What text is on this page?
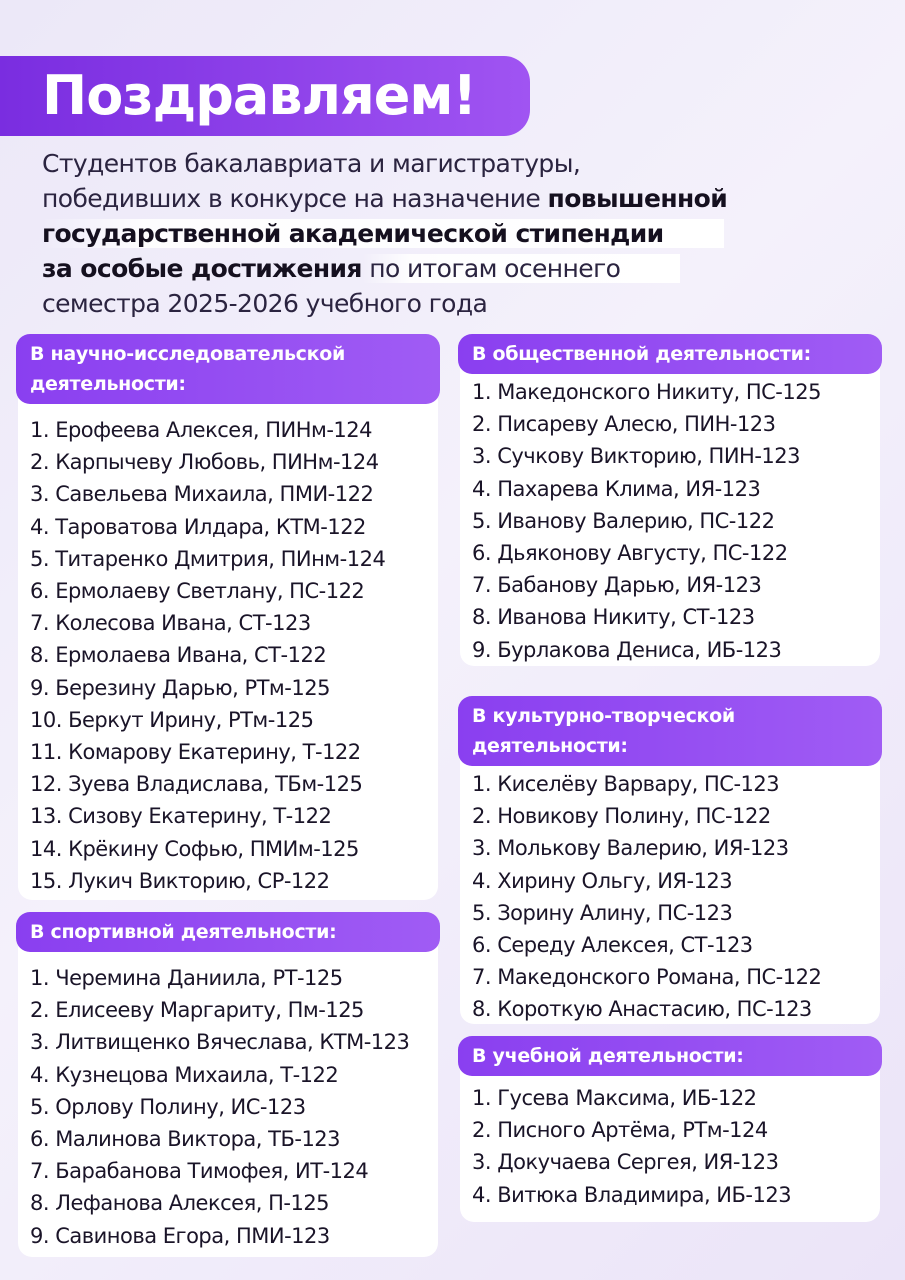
Поздравляем!
Студентов бакалавриата и магистратуры,
победивших в конкурсе на назначение повышенной
государственной академической стипендии
за особые достижения по итогам осеннего
семестра 2025-2026 учебного года
В научно-исследовательской деятельности:
1. Ерофеева Алексея, ПИНм-124
2. Карпычеву Любовь, ПИНм-124
3. Савельева Михаила, ПМИ-122
4. Тароватова Илдара, КТМ-122
5. Титаренко Дмитрия, ПИнм-124
6. Ермолаеву Светлану, ПС-122
7. Колесова Ивана, СТ-123
8. Ермолаева Ивана, СТ-122
9. Березину Дарью, РТм-125
10. Беркут Ирину, РТм-125
11. Комарову Екатерину, Т-122
12. Зуева Владислава, ТБм-125
13. Сизову Екатерину, Т-122
14. Крёкину Софью, ПМИм-125
15. Лукич Викторию, СР-122
В спортивной деятельности:
1. Черемина Даниила, РТ-125
2. Елисееву Маргариту, Пм-125
3. Литвищенко Вячеслава, КТМ-123
4. Кузнецова Михаила, Т-122
5. Орлову Полину, ИС-123
6. Малинова Виктора, ТБ-123
7. Барабанова Тимофея, ИТ-124
8. Лефанова Алексея, П-125
9. Савинова Егора, ПМИ-123
В общественной деятельности:
1. Македонского Никиту, ПС-125
2. Писареву Алесю, ПИН-123
3. Сучкову Викторию, ПИН-123
4. Пахарева Клима, ИЯ-123
5. Иванову Валерию, ПС-122
6. Дьяконову Августу, ПС-122
7. Бабанову Дарью, ИЯ-123
8. Иванова Никиту, СТ-123
9. Бурлакова Дениса, ИБ-123
В культурно-творческой деятельности:
1. Киселёву Варвару, ПС-123
2. Новикову Полину, ПС-122
3. Молькову Валерию, ИЯ-123
4. Хирину Ольгу, ИЯ-123
5. Зорину Алину, ПС-123
6. Середу Алексея, СТ-123
7. Македонского Романа, ПС-122
8. Короткую Анастасию, ПС-123
В учебной деятельности:
1. Гусева Максима, ИБ-122
2. Писного Артёма, РТм-124
3. Докучаева Сергея, ИЯ-123
4. Витюка Владимира, ИБ-123
